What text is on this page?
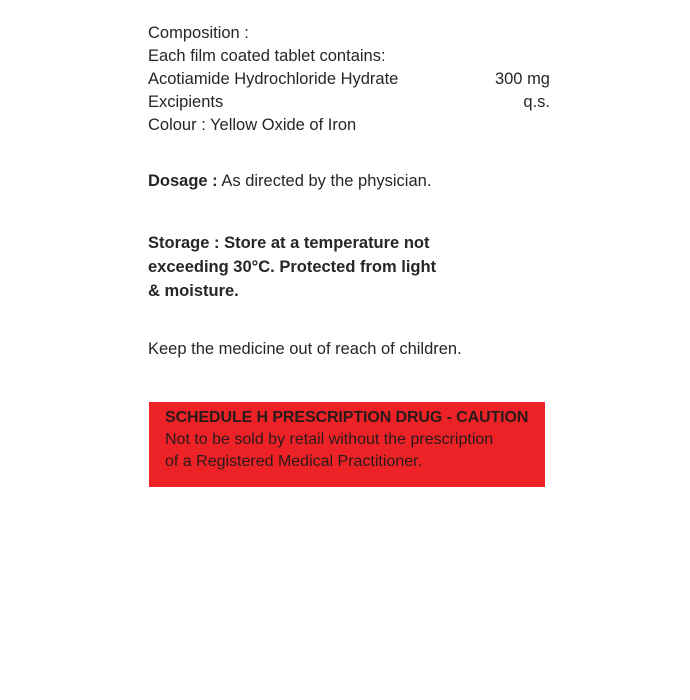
Composition :
Each film coated tablet contains:
Acotiamide Hydrochloride Hydrate	300 mg
Excipients	q.s.
Colour : Yellow Oxide of Iron
Dosage : As directed by the physician.
Storage : Store at a temperature not
exceeding 30°C. Protected from light
& moisture.
Keep the medicine out of reach of children.
SCHEDULE H PRESCRIPTION DRUG - CAUTION
Not to be sold by retail without the prescription
of a Registered Medical Practitioner.
